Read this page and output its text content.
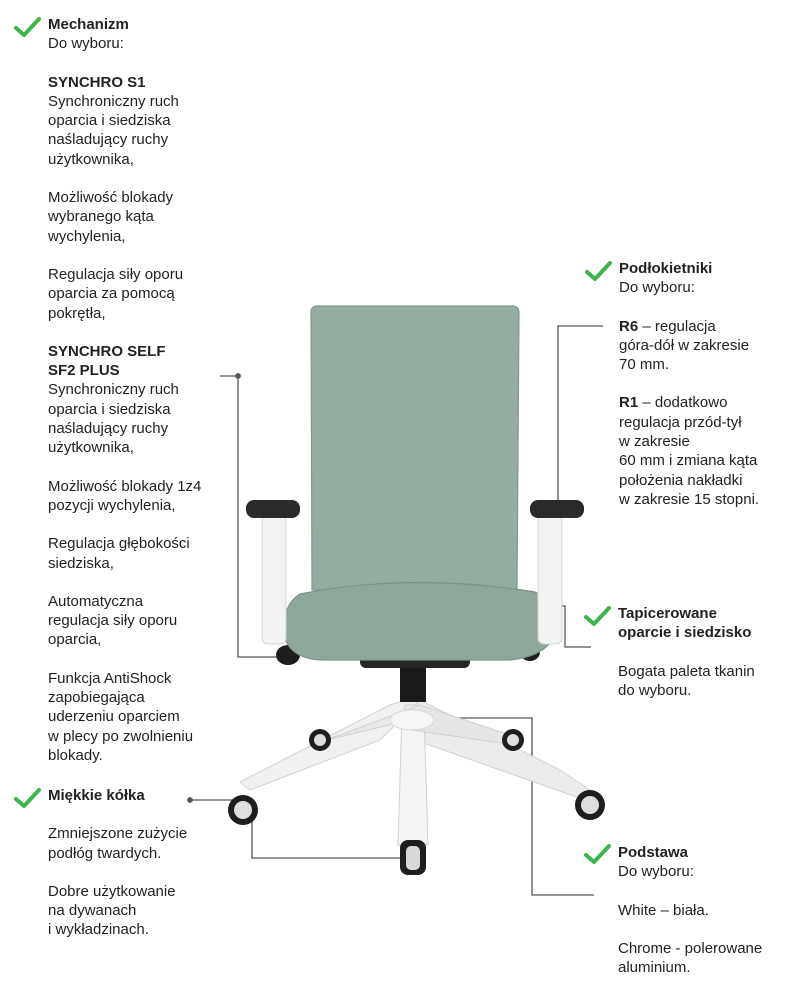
Mechanizm

Do wyboru:

SYNCHRO S1

Synchroniczny ruch
oparcia i siedziska
naśladujący ruchy
użytkownika,

Możliwość blokady
wybranego kąta
wychylenia,

Regulacja siły oporu
oparcia za pomocą
pokrętła,

SYNCHRO SELF
SF2 PLUS

Synchroniczny ruch
oparcia i siedziska
naśladujący ruchy
użytkownika,

Możliwość blokady 1z4
pozycji wychylenia,

Regulacja głębokości
siedziska,

Automatyczna
regulacja siły oporu
oparcia,

Funkcja AntiShock
zapobiegająca
uderzeniu oparciem
w plecy po zwolnieniu
blokady.

Podłokietniki

Do wyboru:

R6 – regulacja
góra-dół w zakresie
70 mm.

R1 – dodatkowo
regulacja przód-tył
w zakresie
60 mm i zmiana kąta
położenia nakładki
w zakresie 15 stopni.

Tapicerowane
oparcie i siedzisko

Bogata paleta tkanin
do wyboru.

Miękkie kółka

Zmniejszone zużycie
podłóg twardych.

Dobre użytkowanie
na dywanach
i wykładzinach.

Podstawa

Do wyboru:

White – biała.

Chrome - polerowane
aluminium.
